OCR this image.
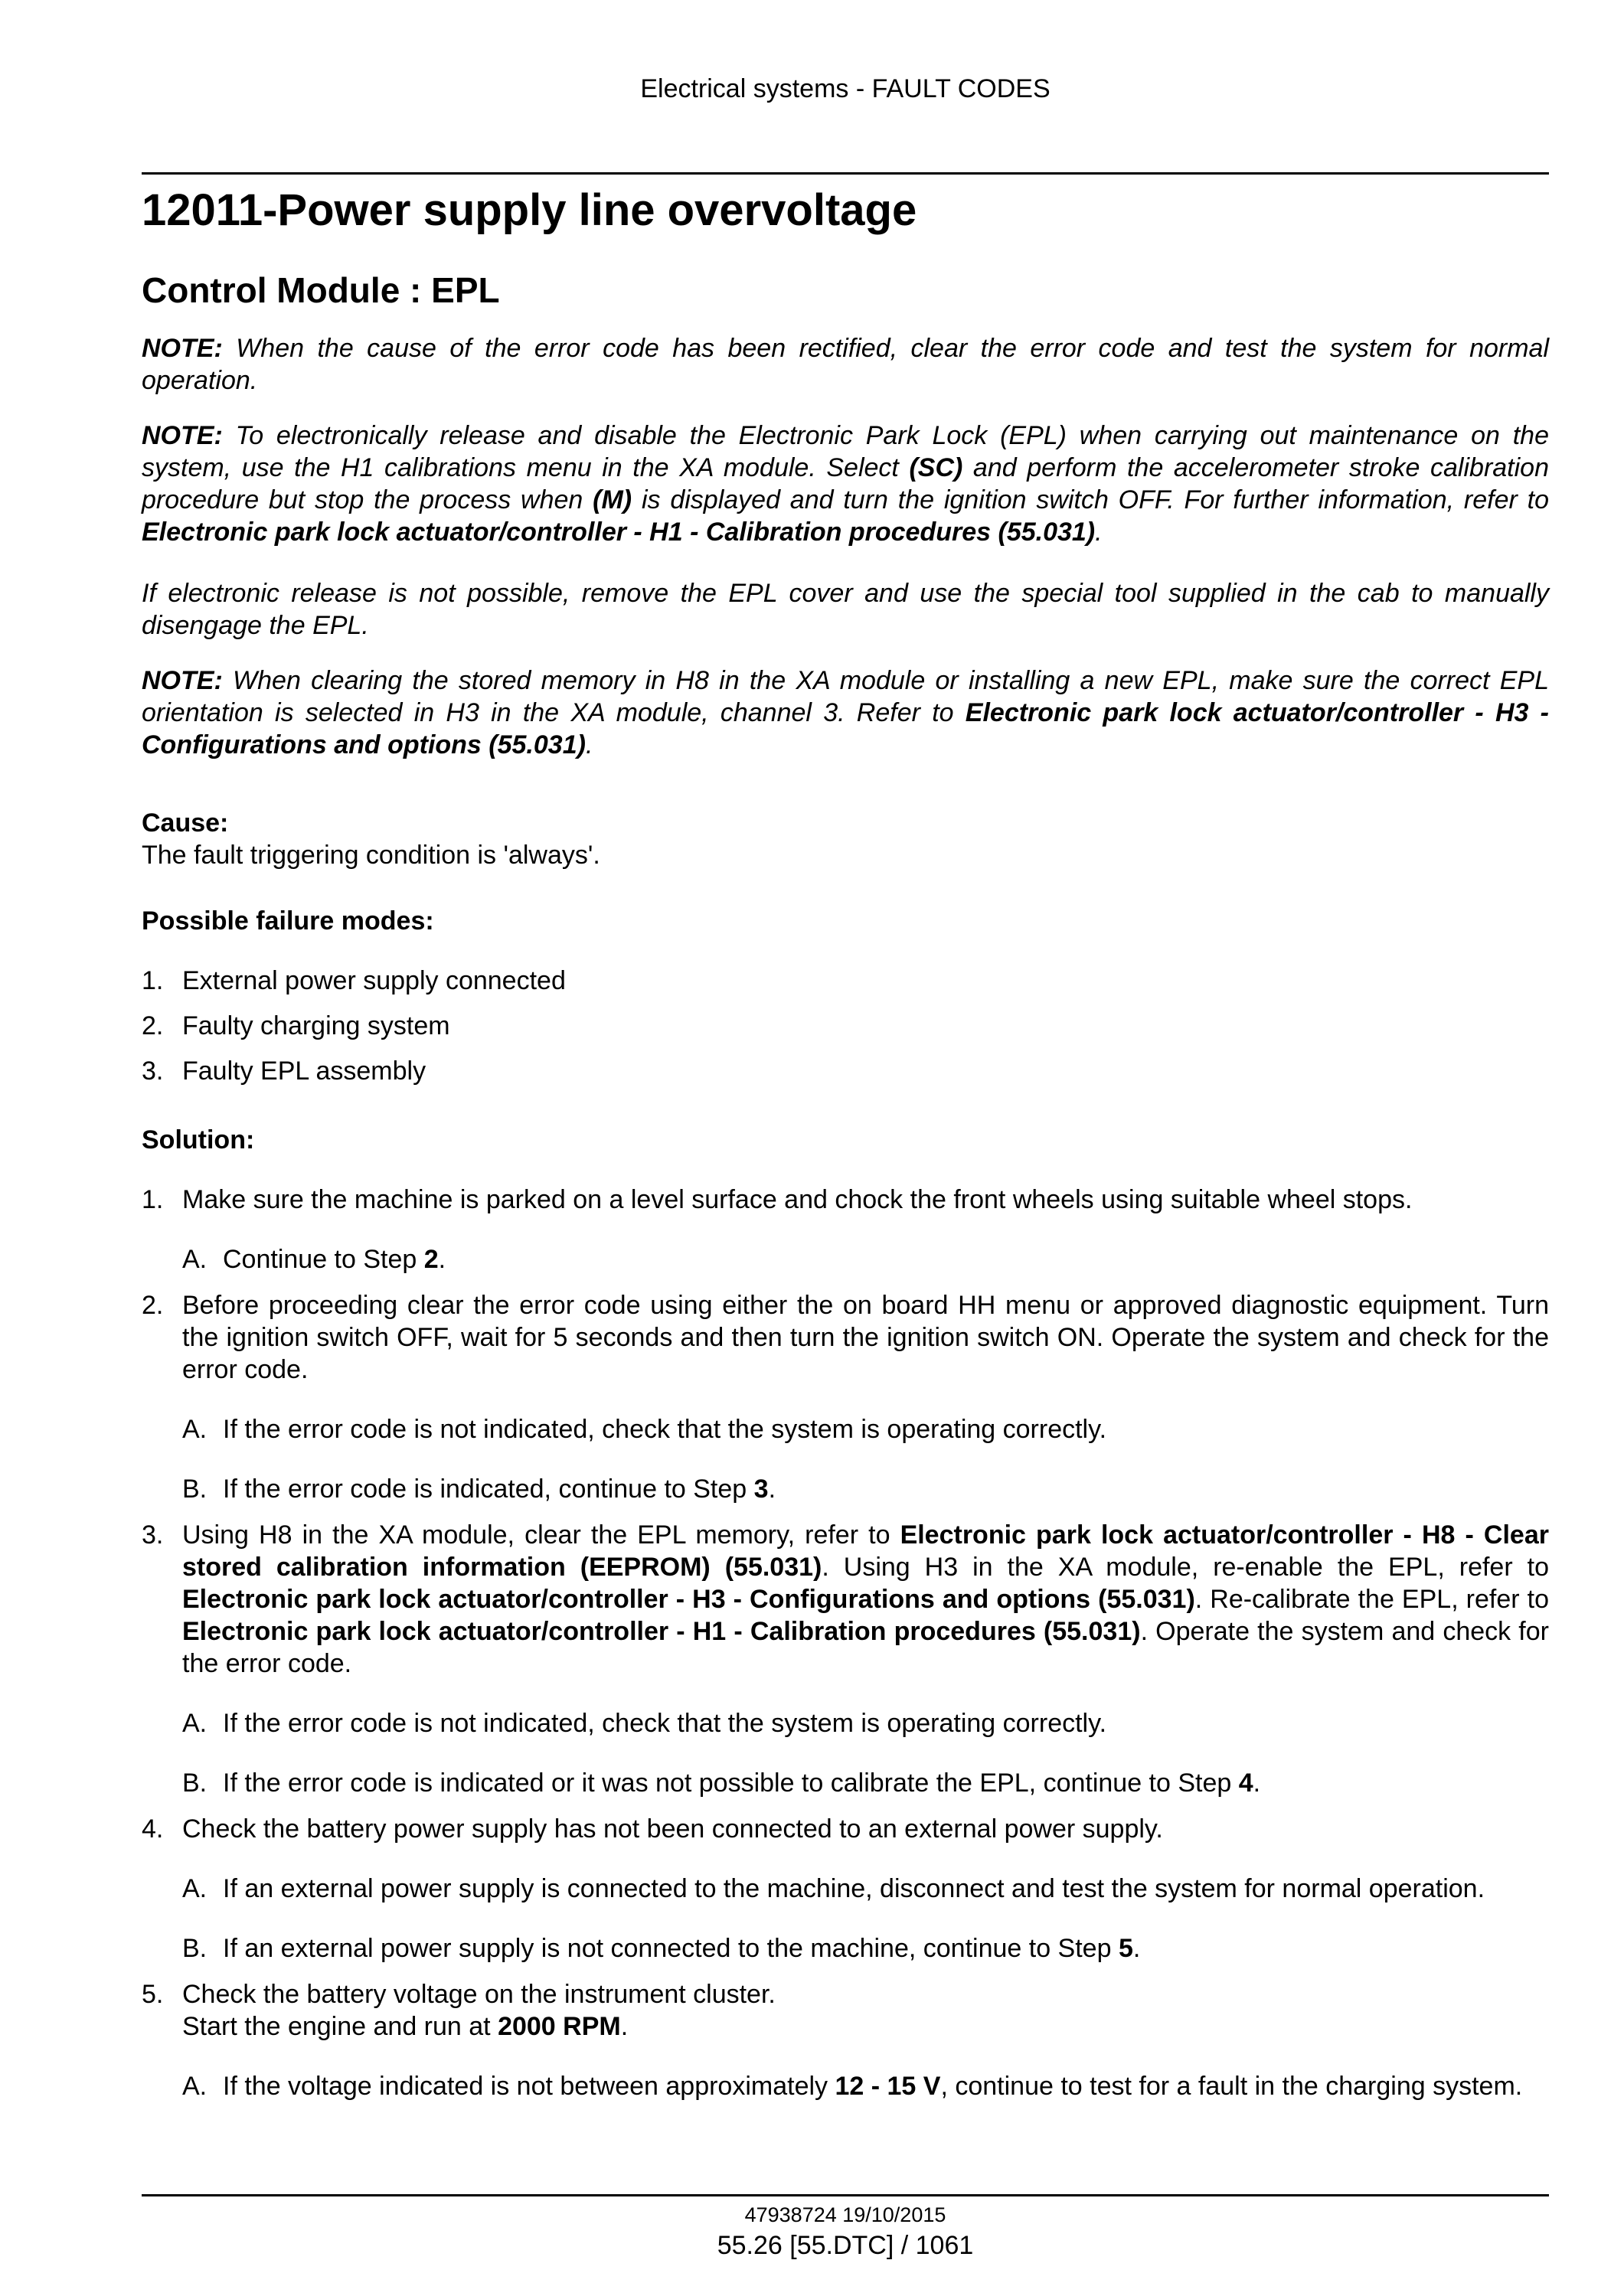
Electrical systems - FAULT CODES
12011-Power supply line overvoltage
Control Module : EPL

NOTE: When the cause of the error code has been rectified, clear the error code and test the system for normal operation.

NOTE: To electronically release and disable the Electronic Park Lock (EPL) when carrying out maintenance on the system, use the H1 calibrations menu in the XA module. Select (SC) and perform the accelerometer stroke calibration procedure but stop the process when (M) is displayed and turn the ignition switch OFF. For further information, refer to Electronic park lock actuator/controller - H1 - Calibration procedures (55.031).

If electronic release is not possible, remove the EPL cover and use the special tool supplied in the cab to manually disengage the EPL.

NOTE: When clearing the stored memory in H8 in the XA module or installing a new EPL, make sure the correct EPL orientation is selected in H3 in the XA module, channel 3. Refer to Electronic park lock actuator/controller - H3 - Configurations and options (55.031).

Cause:

The fault triggering condition is 'always'.

Possible failure modes:
1. External power supply connected
2. Faulty charging system
3. Faulty EPL assembly
Solution:
1. Make sure the machine is parked on a level surface and chock the front wheels using suitable wheel stops.
A. Continue to Step 2.
2. Before proceeding clear the error code using either the on board HH menu or approved diagnostic equipment. Turn the ignition switch OFF, wait for 5 seconds and then turn the ignition switch ON. Operate the system and check for the error code.
A. If the error code is not indicated, check that the system is operating correctly.
B. If the error code is indicated, continue to Step 3.
3. Using H8 in the XA module, clear the EPL memory, refer to Electronic park lock actuator/controller - H8 - Clear stored calibration information (EEPROM) (55.031). Using H3 in the XA module, re-enable the EPL, refer to Electronic park lock actuator/controller - H3 - Configurations and options (55.031). Re-calibrate the EPL, refer to Electronic park lock actuator/controller - H1 - Calibration procedures (55.031). Operate the system and check for the error code.
A. If the error code is not indicated, check that the system is operating correctly.
B. If the error code is indicated or it was not possible to calibrate the EPL, continue to Step 4.
4. Check the battery power supply has not been connected to an external power supply.
A. If an external power supply is connected to the machine, disconnect and test the system for normal operation.
B. If an external power supply is not connected to the machine, continue to Step 5.
5. Check the battery voltage on the instrument cluster.
Start the engine and run at 2000 RPM.
A. If the voltage indicated is not between approximately 12 - 15 V, continue to test for a fault in the charging system.
47938724 19/10/2015
55.26 [55.DTC] / 1061
